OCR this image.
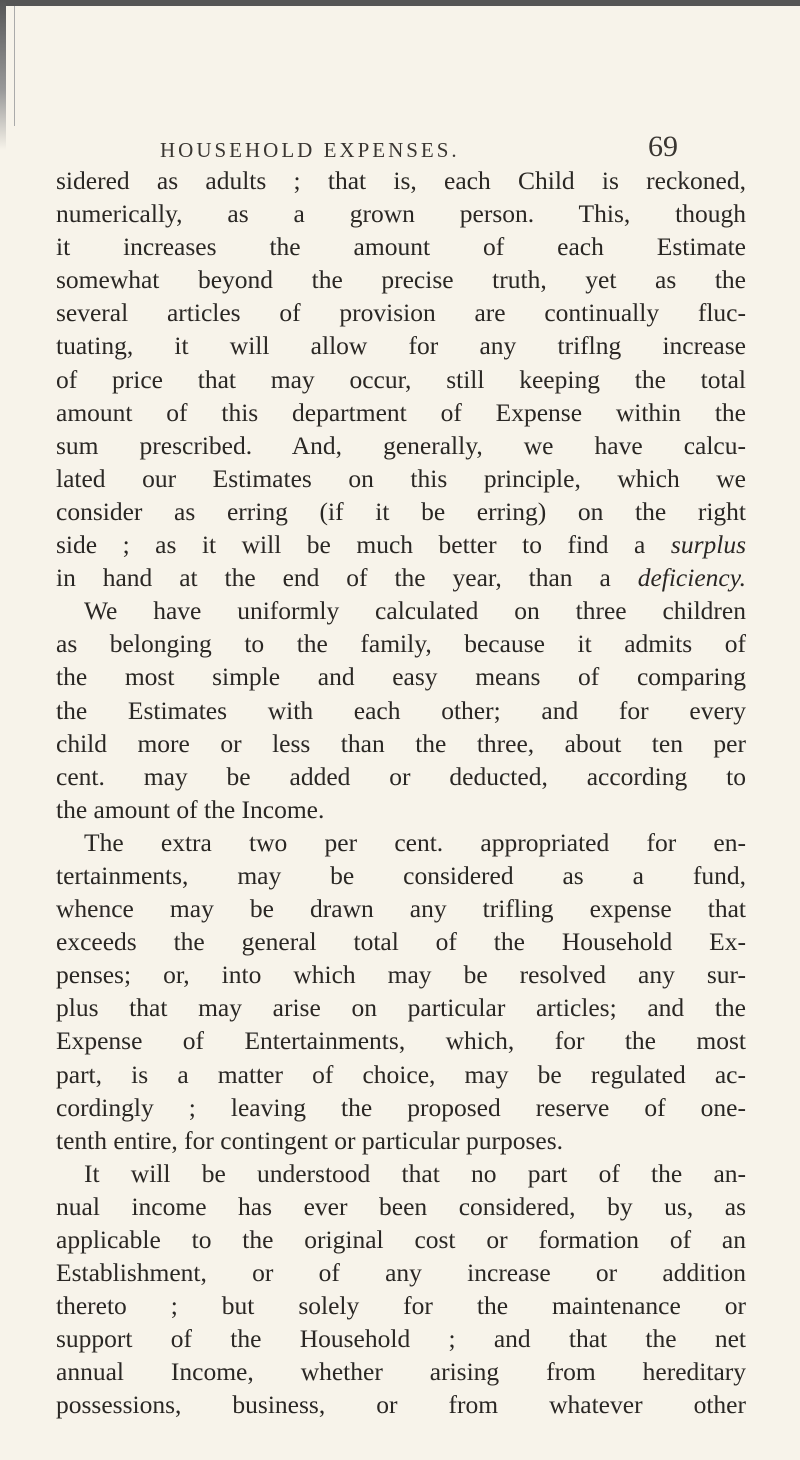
HOUSEHOLD EXPENSES.	69
sidered as adults ; that is, each Child is reckoned,
numerically, as a grown person. This, though
it increases the amount of each Estimate
somewhat beyond the precise truth, yet as the
several articles of provision are continually fluc-
tuating, it will allow for any triflng increase
of price that may occur, still keeping the total
amount of this department of Expense within the
sum prescribed. And, generally, we have calcu-
lated our Estimates on this principle, which we
consider as erring (if it be erring) on the right
side ; as it will be much better to find a surplus
in hand at the end of the year, than a deficiency.
We have uniformly calculated on three children
as belonging to the family, because it admits of
the most simple and easy means of comparing
the Estimates with each other; and for every
child more or less than the three, about ten per
cent. may be added or deducted, according to
the amount of the Income.
The extra two per cent. appropriated for en-
tertainments, may be considered as a fund,
whence may be drawn any trifling expense that
exceeds the general total of the Household Ex-
penses; or, into which may be resolved any sur-
plus that may arise on particular articles; and the
Expense of Entertainments, which, for the most
part, is a matter of choice, may be regulated ac-
cordingly ; leaving the proposed reserve of one-
tenth entire, for contingent or particular purposes.
It will be understood that no part of the an-
nual income has ever been considered, by us, as
applicable to the original cost or formation of an
Establishment, or of any increase or addition
thereto ; but solely for the maintenance or
support of the Household ; and that the net
annual Income, whether arising from hereditary
possessions, business, or from whatever other
